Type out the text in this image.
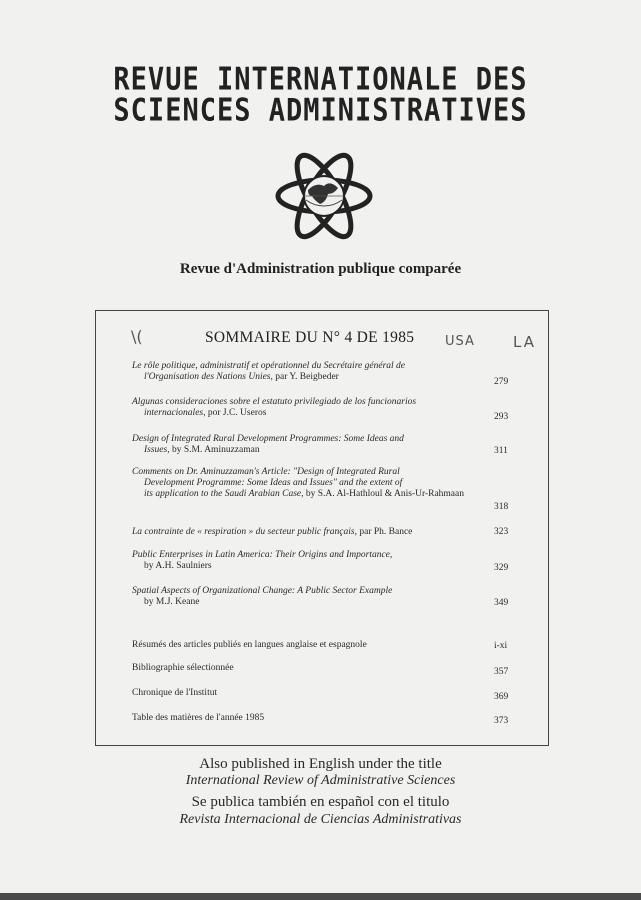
REVUE INTERNATIONALE DES
SCIENCES ADMINISTRATIVES
Revue d'Administration publique comparée
\(	USA	LA
SOMMAIRE DU N° 4 DE 1985
Le rôle politique, administratif et opérationnel du Secrétaire général de
l'Organisation des Nations Unies, par Y. Beigbeder	279
Algunas consideraciones sobre el estatuto privilegiado de los funcionarios
internacionales, por J.C. Useros	293
Design of Integrated Rural Development Programmes: Some Ideas and
Issues, by S.M. Aminuzzaman	311
Comments on Dr. Aminuzzaman's Article: "Design of Integrated Rural
Development Programme: Some Ideas and Issues" and the extent of
its application to the Saudi Arabian Case, by S.A. Al-Hathloul & Anis-Ur-Rahmaan
318
La contrainte de « respiration » du secteur public français, par Ph. Bance	323
Public Enterprises in Latin America: Their Origins and Importance,
by A.H. Saulniers	329
Spatial Aspects of Organizational Change: A Public Sector Example
by M.J. Keane	349
Résumés des articles publiés en langues anglaise et espagnole	i-xi
Bibliographie sélectionnée	357
Chronique de l'Institut	369
Table des matières de l'année 1985	373
Also published in English under the title
International Review of Administrative Sciences
Se publica también en español con el titulo
Revista Internacional de Ciencias Administrativas
